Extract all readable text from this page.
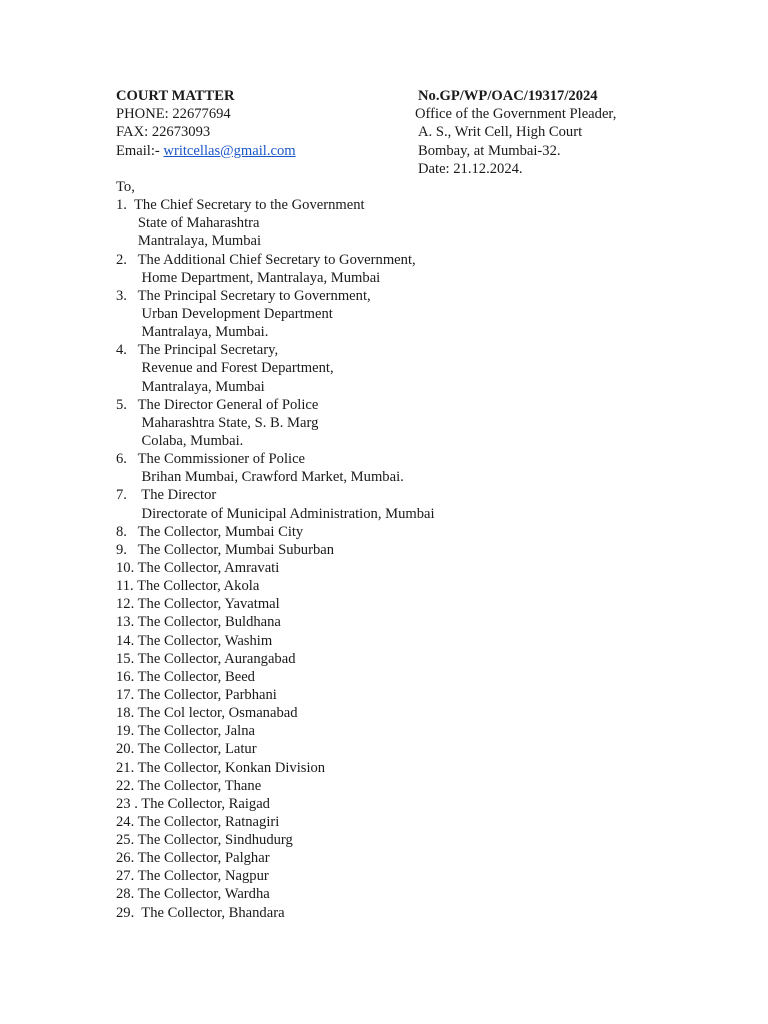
COURT MATTER	No.GP/WP/OAC/19317/2024
PHONE: 22677694	Office of the Government Pleader,
FAX: 22673093	A. S., Writ Cell, High Court
Email:- writcellas@gmail.com	Bombay, at Mumbai-32.
Date: 21.12.2024.
To,
1.  The Chief Secretary to the Government
State of Maharashtra
Mantralaya, Mumbai
2.   The Additional Chief Secretary to Government,
Home Department, Mantralaya, Mumbai
3.   The Principal Secretary to Government,
Urban Development Department
Mantralaya, Mumbai.
4.   The Principal Secretary,
Revenue and Forest Department,
Mantralaya, Mumbai
5.   The Director General of Police
Maharashtra State, S. B. Marg
Colaba, Mumbai.
6.   The Commissioner of Police
Brihan Mumbai, Crawford Market, Mumbai.
7.    The Director
Directorate of Municipal Administration, Mumbai
8.   The Collector, Mumbai City
9.   The Collector, Mumbai Suburban
10. The Collector, Amravati
11. The Collector, Akola
12. The Collector, Yavatmal
13. The Collector, Buldhana
14. The Collector, Washim
15. The Collector, Aurangabad
16. The Collector, Beed
17. The Collector, Parbhani
18. The Col lector, Osmanabad
19. The Collector, Jalna
20. The Collector, Latur
21. The Collector, Konkan Division
22. The Collector, Thane
23 . The Collector, Raigad
24. The Collector, Ratnagiri
25. The Collector, Sindhudurg
26. The Collector, Palghar
27. The Collector, Nagpur
28. The Collector, Wardha
29.  The Collector, Bhandara
